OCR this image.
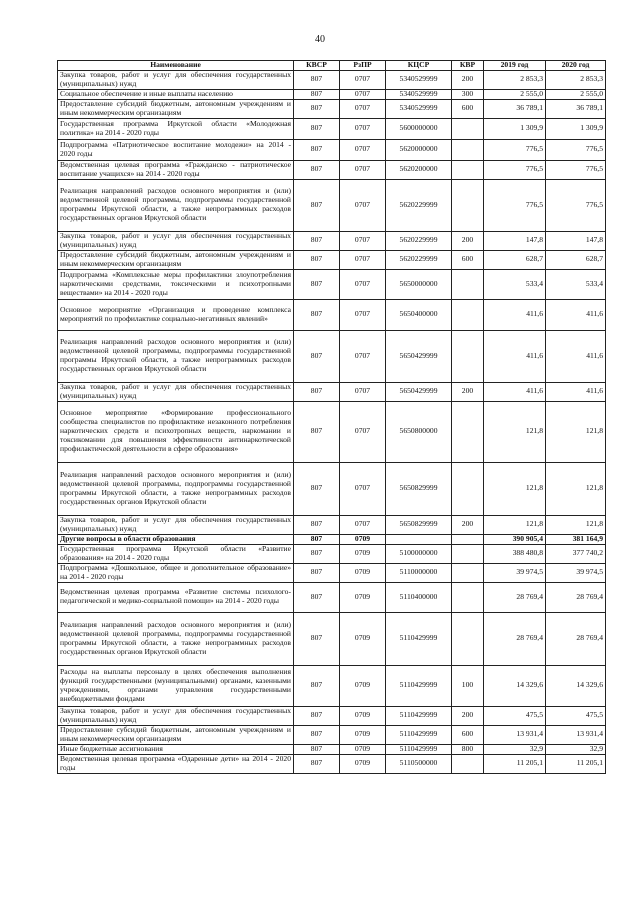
40
Наименование	КВСР	РзПР	КЦСР	КВР	2019 год	2020 год
Закупка товаров, работ и услуг для обеспечения государственных (муниципальных) нужд	807	0707	5340529999	200	2 853,3	2 853,3
Социальное обеспечение и иные выплаты населению	807	0707	5340529999	300	2 555,0	2 555,0
Предоставление субсидий бюджетным, автономным учреждениям и иным некоммерческим организациям	807	0707	5340529999	600	36 789,1	36 789,1
Государственная программа Иркутской области «Молодежная политика» на 2014 - 2020 годы	807	0707	5600000000		1 309,9	1 309,9
Подпрограмма «Патриотическое воспитание молодежи» на 2014 - 2020 годы	807	0707	5620000000		776,5	776,5
Ведомственная целевая программа «Гражданско - патриотическое воспитание учащихся» на 2014 - 2020 годы	807	0707	5620200000		776,5	776,5
Реализация направлений расходов основного мероприятия и (или) ведомственной целевой программы, подпрограммы государственной программы Иркутской области, а также непрограммных расходов государственных органов Иркутской области	807	0707	5620229999		776,5	776,5
Закупка товаров, работ и услуг для обеспечения государственных (муниципальных) нужд	807	0707	5620229999	200	147,8	147,8
Предоставление субсидий бюджетным, автономным учреждениям и иным некоммерческим организациям	807	0707	5620229999	600	628,7	628,7
Подпрограмма «Комплексные меры профилактики злоупотребления наркотическими средствами, токсическими и психотропными веществами» на 2014 - 2020 годы	807	0707	5650000000		533,4	533,4
Основное мероприятие «Организация и проведение комплекса мероприятий по профилактике социально-негативных явлений»	807	0707	5650400000		411,6	411,6
Реализация направлений расходов основного мероприятия и (или) ведомственной целевой программы, подпрограммы государственной программы Иркутской области, а также непрограммных расходов государственных органов Иркутской области	807	0707	5650429999		411,6	411,6
Закупка товаров, работ и услуг для обеспечения государственных (муниципальных) нужд	807	0707	5650429999	200	411,6	411,6
Основное мероприятие «Формирование профессионального сообщества специалистов по профилактике незаконного потребления наркотических средств и психотропных веществ, наркомании и токсикомании для повышения эффективности антинаркотической профилактической деятельности в сфере образования»	807	0707	5650800000		121,8	121,8
Реализация направлений расходов основного мероприятия и (или) ведомственной целевой программы, подпрограммы государственной программы Иркутской области, а также непрограммных расходов государственных органов Иркутской области	807	0707	5650829999		121,8	121,8
Закупка товаров, работ и услуг для обеспечения государственных (муниципальных) нужд	807	0707	5650829999	200	121,8	121,8
Другие вопросы в области образования	807	0709			390 905,4	381 164,9
Государственная программа Иркутской области «Развитие образования» на 2014 - 2020 годы	807	0709	5100000000		388 480,8	377 740,2
Подпрограмма «Дошкольное, общее и дополнительное образование» на 2014 - 2020 годы	807	0709	5110000000		39 974,5	39 974,5
Ведомственная целевая программа «Развитие системы психолого-педагогической и медико-социальной помощи» на 2014 - 2020 годы	807	0709	5110400000		28 769,4	28 769,4
Реализация направлений расходов основного мероприятия и (или) ведомственной целевой программы, подпрограммы государственной программы Иркутской области, а также непрограммных расходов государственных органов Иркутской области	807	0709	5110429999		28 769,4	28 769,4
Расходы на выплаты персоналу в целях обеспечения выполнения функций государственными (муниципальными) органами, казенными учреждениями, органами управления государственными внебюджетными фондами	807	0709	5110429999	100	14 329,6	14 329,6
Закупка товаров, работ и услуг для обеспечения государственных (муниципальных) нужд	807	0709	5110429999	200	475,5	475,5
Предоставление субсидий бюджетным, автономным учреждениям и иным некоммерческим организациям	807	0709	5110429999	600	13 931,4	13 931,4
Иные бюджетные ассигнования	807	0709	5110429999	800	32,9	32,9
Ведомственная целевая программа «Одаренные дети» на 2014 - 2020 годы	807	0709	5110500000		11 205,1	11 205,1
